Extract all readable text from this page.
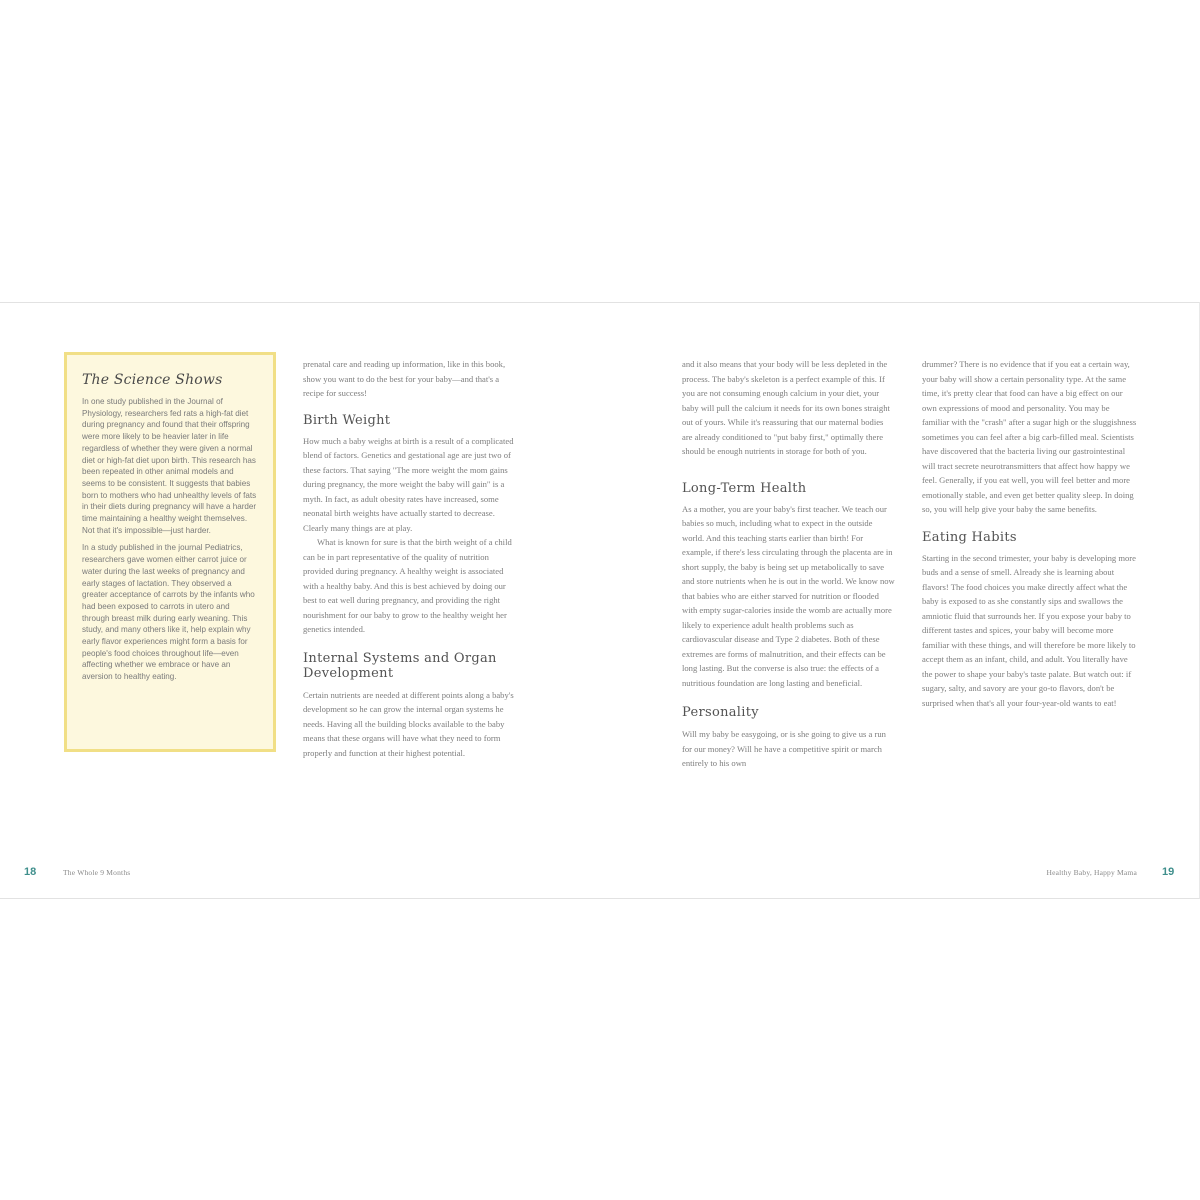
The Science Shows

In one study published in the Journal of Physiology, researchers fed rats a high-fat diet during pregnancy and found that their offspring were more likely to be heavier later in life regardless of whether they were given a normal diet or high-fat diet upon birth. This research has been repeated in other animal models and seems to be consistent. It suggests that babies born to mothers who had unhealthy levels of fats in their diets during pregnancy will have a harder time maintaining a healthy weight themselves. Not that it's impossible—just harder.

In a study published in the journal Pediatrics, researchers gave women either carrot juice or water during the last weeks of pregnancy and early stages of lactation. They observed a greater acceptance of carrots by the infants who had been exposed to carrots in utero and through breast milk during early weaning. This study, and many others like it, help explain why early flavor experiences might form a basis for people's food choices throughout life—even affecting whether we embrace or have an aversion to healthy eating.

prenatal care and reading up information, like in this book, show you want to do the best for your baby—and that's a recipe for success!

Birth Weight

How much a baby weighs at birth is a result of a complicated blend of factors. Genetics and gestational age are just two of these factors. That saying "The more weight the mom gains during pregnancy, the more weight the baby will gain" is a myth. In fact, as adult obesity rates have increased, some neonatal birth weights have actually started to decrease. Clearly many things are at play.

What is known for sure is that the birth weight of a child can be in part representative of the quality of nutrition provided during pregnancy. A healthy weight is associated with a healthy baby. And this is best achieved by doing our best to eat well during pregnancy, and providing the right nourishment for our baby to grow to the healthy weight her genetics intended.

Internal Systems and Organ Development

Certain nutrients are needed at different points along a baby's development so he can grow the internal organ systems he needs. Having all the building blocks available to the baby means that these organs will have what they need to form properly and function at their highest potential.

and it also means that your body will be less depleted in the process. The baby's skeleton is a perfect example of this. If you are not consuming enough calcium in your diet, your baby will pull the calcium it needs for its own bones straight out of yours. While it's reassuring that our maternal bodies are already conditioned to "put baby first," optimally there should be enough nutrients in storage for both of you.

Long-Term Health

As a mother, you are your baby's first teacher. We teach our babies so much, including what to expect in the outside world. And this teaching starts earlier than birth! For example, if there's less circulating through the placenta are in short supply, the baby is being set up metabolically to save and store nutrients when he is out in the world. We know now that babies who are either starved for nutrition or flooded with empty sugar-calories inside the womb are actually more likely to experience adult health problems such as cardiovascular disease and Type 2 diabetes. Both of these extremes are forms of malnutrition, and their effects can be long lasting. But the converse is also true: the effects of a nutritious foundation are long lasting and beneficial.

Personality

Will my baby be easygoing, or is she going to give us a run for our money? Will he have a competitive spirit or march entirely to his own

drummer? There is no evidence that if you eat a certain way, your baby will show a certain personality type. At the same time, it's pretty clear that food can have a big effect on our own expressions of mood and personality. You may be familiar with the "crash" after a sugar high or the sluggishness sometimes you can feel after a big carb-filled meal. Scientists have discovered that the bacteria living our gastrointestinal will tract secrete neurotransmitters that affect how happy we feel. Generally, if you eat well, you will feel better and more emotionally stable, and even get better quality sleep. In doing so, you will help give your baby the same benefits.

Eating Habits

Starting in the second trimester, your baby is developing more buds and a sense of smell. Already she is learning about flavors! The food choices you make directly affect what the baby is exposed to as she constantly sips and swallows the amniotic fluid that surrounds her. If you expose your baby to different tastes and spices, your baby will become more familiar with these things, and will therefore be more likely to accept them as an infant, child, and adult. You literally have the power to shape your baby's taste palate. But watch out: if sugary, salty, and savory are your go-to flavors, don't be surprised when that's all your four-year-old wants to eat!

18	The Whole 9 Months	Healthy Baby, Happy Mama 19
